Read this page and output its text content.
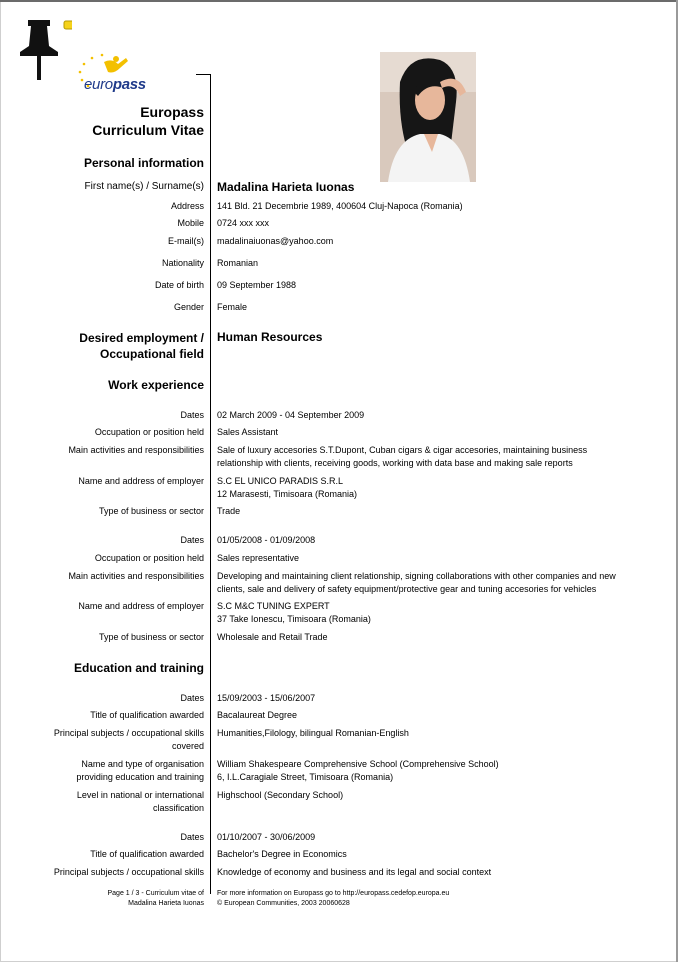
europass
Europass
Curriculum Vitae
Personal information
First name(s) / Surname(s) Madalina Harieta Iuonas
Address 141 Bld. 21 Decembrie 1989, 400604 Cluj-Napoca (Romania)
Mobile 0724 xxx xxx
E-mail(s) madalinaiuonas@yahoo.com
Nationality Romanian
Date of birth 09 September 1988
Gender Female
Desired employment /
Occupational field
Human Resources
Work experience
Dates 02 March 2009 - 04 September 2009
Occupation or position held Sales Assistant
Main activities and responsibilities Sale of luxury accesories S.T.Dupont, Cuban cigars & cigar accesories, maintaining business
relationship with clients, receiving goods, working with data base and making sale reports
Name and address of employer S.C EL UNICO PARADIS S.R.L
12 Marasesti, Timisoara (Romania)
Type of business or sector Trade
Dates 01/05/2008 - 01/09/2008
Occupation or position held Sales representative
Main activities and responsibilities Developing and maintaining client relationship, signing collaborations with other companies and new
clients, sale and delivery of safety equipment/protective gear and tuning accesories for vehicles
Name and address of employer S.C M&C TUNING EXPERT
37 Take Ionescu, Timisoara (Romania)
Type of business or sector Wholesale and Retail Trade
Education and training
Dates 15/09/2003 - 15/06/2007
Title of qualification awarded Bacalaureat Degree
Principal subjects / occupational skills
covered
Humanities,Filology, bilingual Romanian-English
Name and type of organisation
providing education and training
William Shakespeare Comprehensive School (Comprehensive School)
6, I.L.Caragiale Street, Timisoara (Romania)
Level in national or international
classification
Highschool (Secondary School)
Dates 01/10/2007 - 30/06/2009
Title of qualification awarded Bachelor's Degree in Economics
Principal subjects / occupational skills Knowledge of economy and business and its legal and social context
Page 1 / 3 - Curriculum vitae of
Madalina Harieta Iuonas
For more information on Europass go to http://europass.cedefop.europa.eu
© European Communities, 2003 20060628
